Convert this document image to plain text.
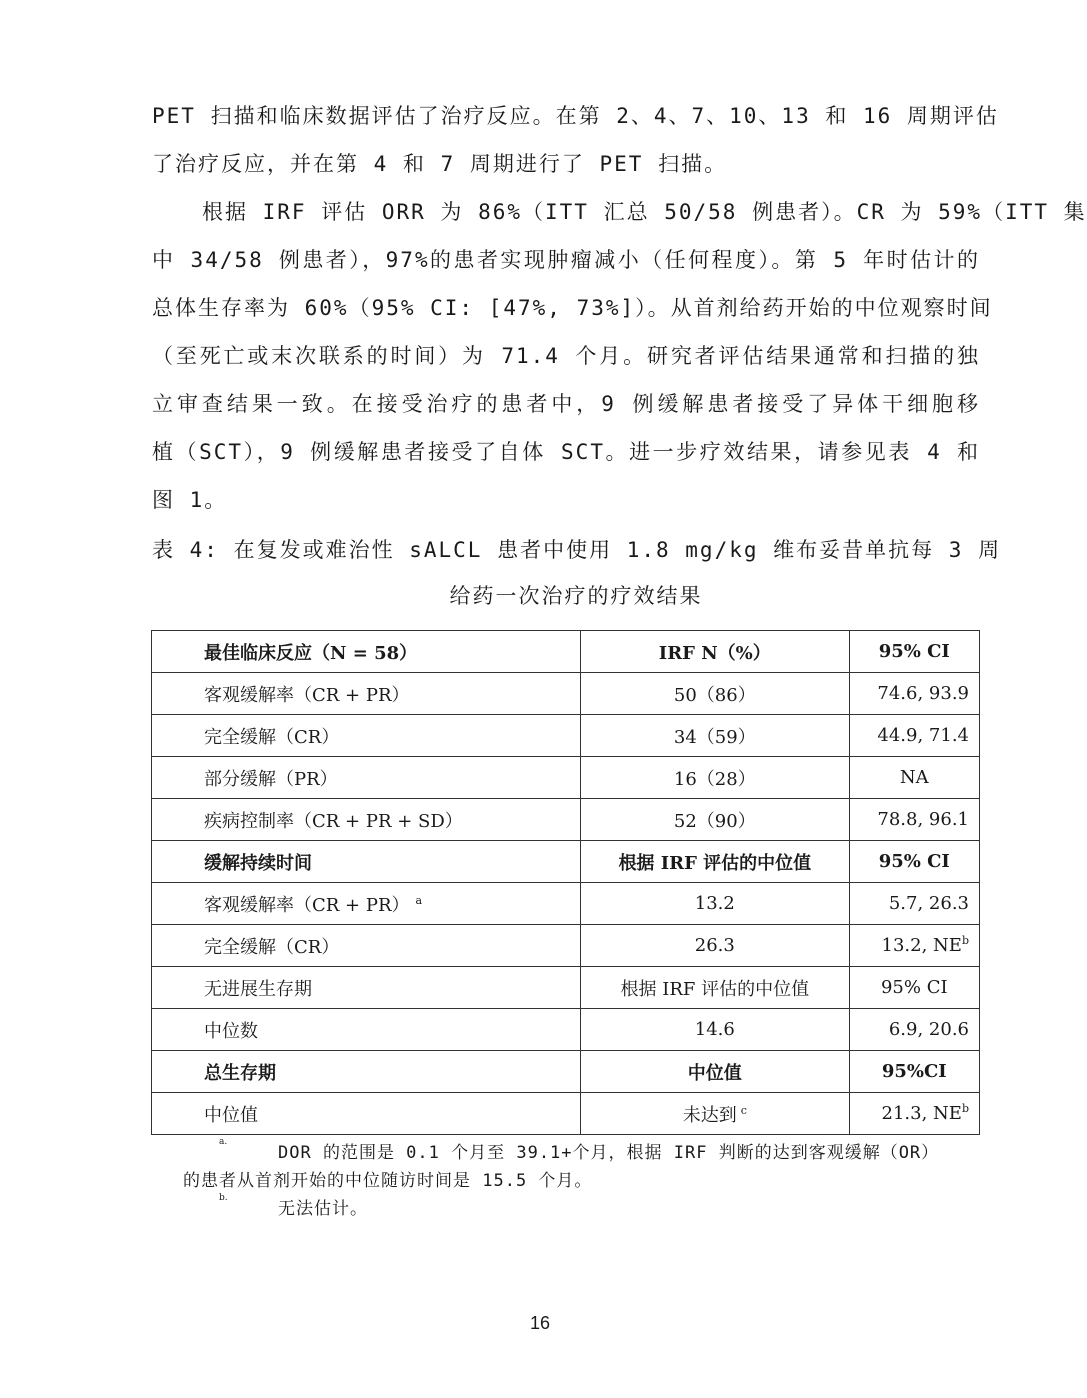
PET 扫描和临床数据评估了治疗反应。在第 2、4、7、10、13 和 16 周期评估
了治疗反应，并在第 4 和 7 周期进行了 PET 扫描。
根据 IRF 评估 ORR 为 86%（ITT 汇总 50/58 例患者）。CR 为 59%（ITT 集
中 34/58 例患者），97%的患者实现肿瘤减小（任何程度）。第 5 年时估计的
总体生存率为 60%（95% CI: [47%, 73%]）。从首剂给药开始的中位观察时间
（至死亡或末次联系的时间）为 71.4 个月。研究者评估结果通常和扫描的独
立审查结果一致。在接受治疗的患者中，9 例缓解患者接受了异体干细胞移
植（SCT），9 例缓解患者接受了自体 SCT。进一步疗效结果，请参见表 4 和
图 1。
表 4: 在复发或难治性 sALCL 患者中使用 1.8 mg/kg 维布妥昔单抗每 3 周
给药一次治疗的疗效结果
最佳临床反应（N = 58）	IRF N（%）	95% CI
客观缓解率（CR + PR）	50（86）	74.6, 93.9
完全缓解（CR）	34（59）	44.9, 71.4
部分缓解（PR）	16（28）	NA
疾病控制率（CR + PR + SD）	52（90）	78.8, 96.1
缓解持续时间	根据 IRF 评估的中位值	95% CI
客观缓解率（CR + PR） $^a$	13.2	5.7, 26.3
完全缓解（CR）	26.3	13.2, $NE^b$
无进展生存期	根据 IRF 评估的中位值	95% CI
中位数	14.6	6.9, 20.6
总生存期	中位值	95%CI
中位值	未达到 $^c$	21.3, $NE^b$
a.
DOR 的范围是 0.1 个月至 39.1+个月，根据 IRF 判断的达到客观缓解（OR）
的患者从首剂开始的中位随访时间是 15.5 个月。
b.
无法估计。
16
